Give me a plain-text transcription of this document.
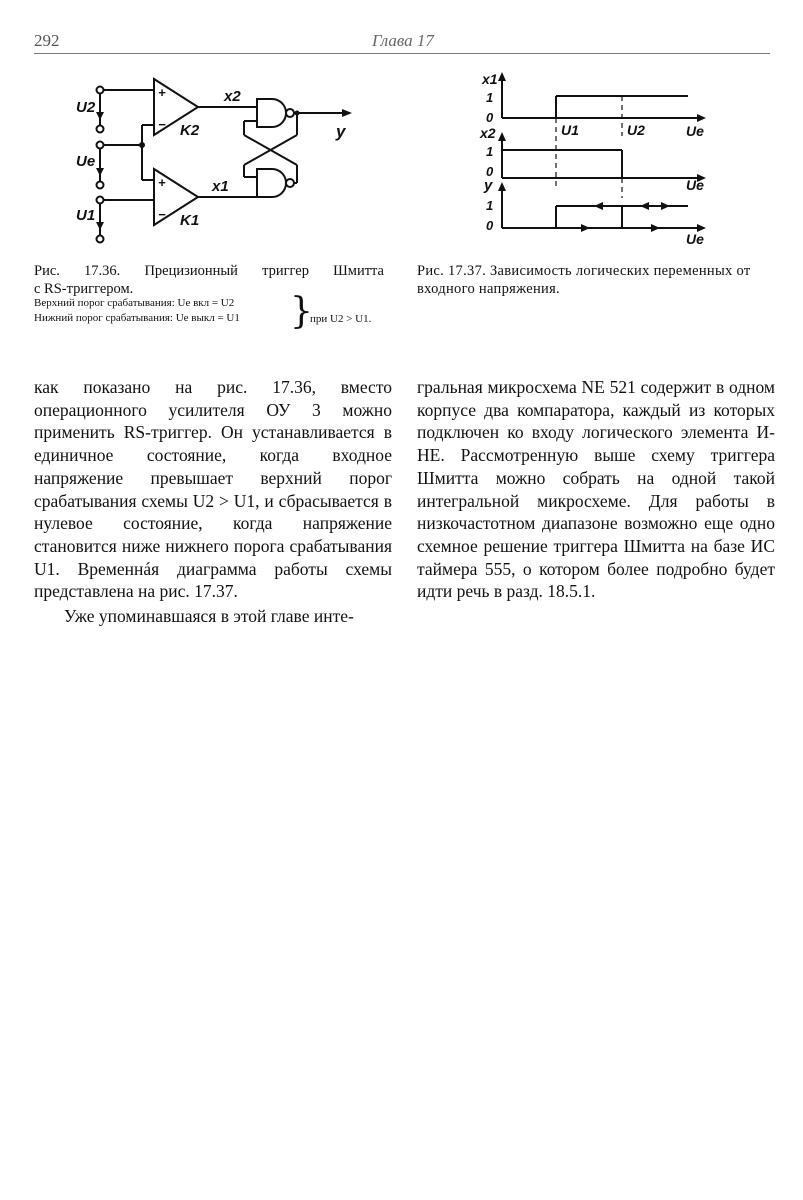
292	Глава 17
U2
Ue
U1
x2
x1
K2
K1
y
+
−
+
−
x1
x2
y
1
0
1
0
1
0
U1	U2	Ue
Ue
Ue
Рис. 17.36. Прецизионный триггер Шмитта
с RS-триггером.
Верхний порог срабатывания: Ue вкл = U2
Нижний порог срабатывания: Ue выкл = U1 }
при U2 > U1.
Рис. 17.37. Зависимость логических переменных от входного напряжения.

как показано на рис. 17.36, вместо операционного усилителя ОУ 3 можно применить RS-триггер. Он устанавливается в единичное состояние, когда входное напряжение превышает верхний порог срабатывания схемы U2 > U1, и сбрасывается в нулевое состояние, когда напряжение становится ниже нижнего порога срабатывания U1. Временнáя диаграмма работы схемы представлена на рис. 17.37.

Уже упоминавшаяся в этой главе инте-

гральная микросхема NE 521 содержит в одном корпусе два компаратора, каждый из которых подключен ко входу логического элемента И-НЕ. Рассмотренную выше схему триггера Шмитта можно собрать на одной такой интегральной микросхеме. Для работы в низкочастотном диапазоне возможно еще одно схемное решение триггера Шмитта на базе ИС таймера 555, о котором более подробно будет идти речь в разд. 18.5.1.
